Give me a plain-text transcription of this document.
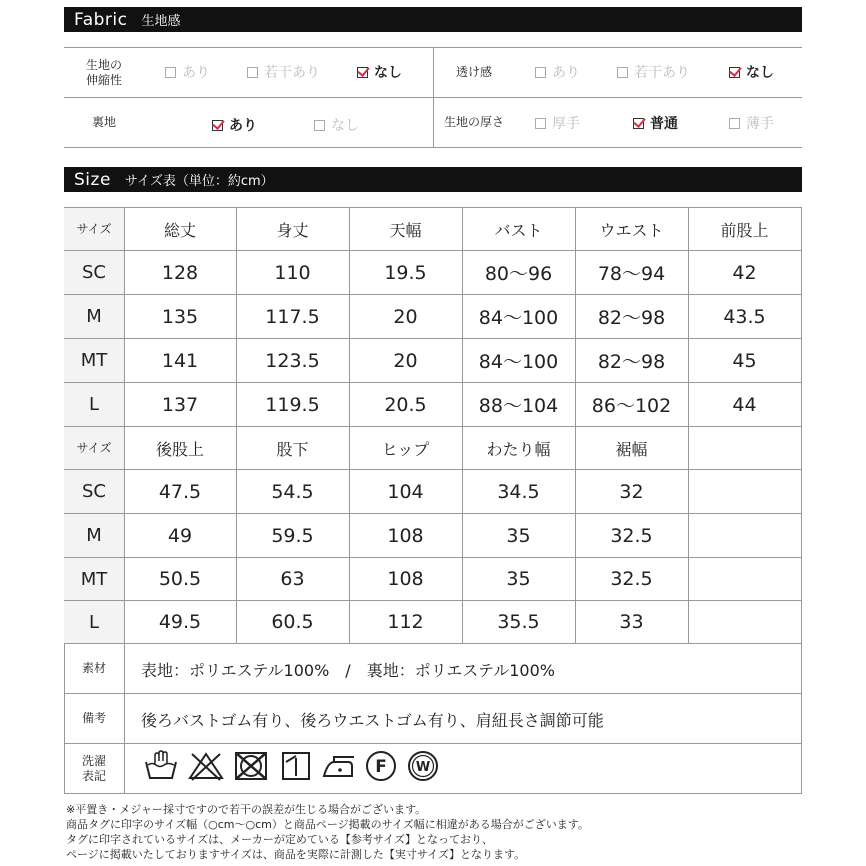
Fabric 生地感
生地の
伸縮性	あり	若干あり	なし	透け感	あり	若干あり	なし
裏地	あり	なし	生地の厚さ	厚手	普通	薄手
Size サイズ表（単位：約cm）
サイズ	総丈	身丈	天幅	バスト	ウエスト	前股上
SC	128	110	19.5	80〜96	78〜94	42
M	135	117.5	20	84〜100	82〜98	43.5
MT	141	123.5	20	84〜100	82〜98	45
L	137	119.5	20.5	88〜104	86〜102	44
サイズ	後股上	股下	ヒップ	わたり幅	裾幅
SC	47.5	54.5	104	34.5	32
M	49	59.5	108	35	32.5
MT	50.5	63	108	35	32.5
L	49.5	60.5	112	35.5	33
素材	表地：ポリエステル100%　/　裏地：ポリエステル100%
備考	後ろバストゴム有り、後ろウエストゴム有り、肩紐長さ調節可能
洗濯
表記	F W
※平置き・メジャー採寸ですので若干の誤差が生じる場合がございます。
商品タグに印字のサイズ幅（○cm〜○cm）と商品ページ掲載のサイズ幅に相違がある場合がございます。
タグに印字されているサイズは、メーカーが定めている【参考サイズ】となっており、
ページに掲載いたしておりますサイズは、商品を実際に計測した【実寸サイズ】となります。
